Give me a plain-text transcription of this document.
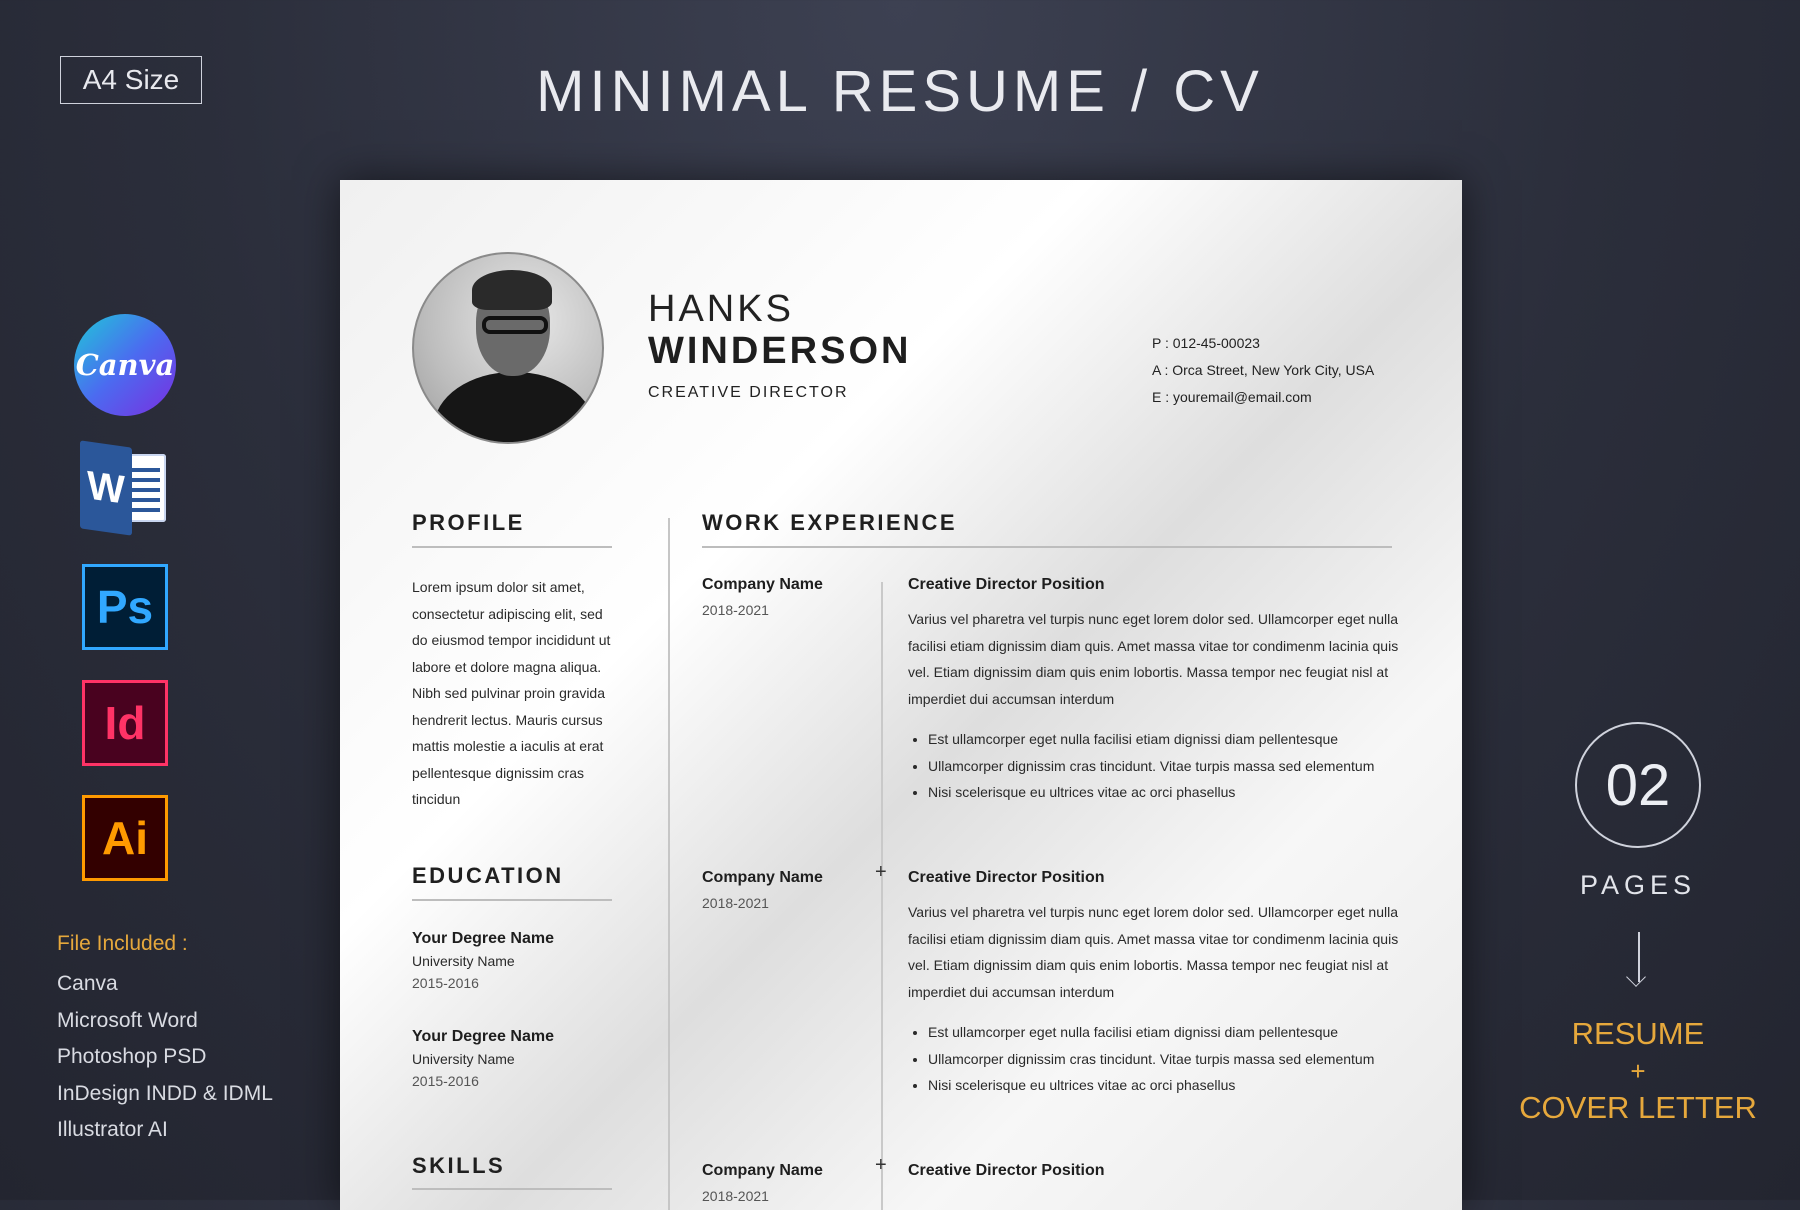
A4 Size	MINIMAL RESUME / CV
Canva
W
Ps
Id
Ai
File Included :
Canva
Microsoft Word
Photoshop PSD
InDesign INDD & IDML
Illustrator AI
02
PAGES
RESUME
+
COVER LETTER
HANKS
WINDERSON
CREATIVE DIRECTOR
P : 012-45-00023
A : Orca Street, New York City, USA
E : youremail@email.com
PROFILE
Lorem ipsum dolor sit amet, consectetur adipiscing elit, sed do eiusmod tempor incididunt ut labore et dolore magna aliqua. Nibh sed pulvinar proin gravida hendrerit lectus. Mauris cursus mattis molestie a iaculis at erat pellentesque dignissim cras tincidun
EDUCATION
Your Degree Name
University Name
2015-2016
Your Degree Name
University Name
2015-2016
SKILLS
WORK EXPERIENCE
Company Name
2018-2021
Creative Director Position
Varius vel pharetra vel turpis nunc eget lorem dolor sed. Ullamcorper eget nulla facilisi etiam dignissim diam quis. Amet massa vitae tor condimenm lacinia quis vel. Etiam dignissim diam quis enim lobortis. Massa tempor nec feugiat nisl at imperdiet dui accumsan interdum
• Est ullamcorper eget nulla facilisi etiam dignissi diam pellentesque
• Ullamcorper dignissim cras tincidunt. Vitae turpis massa sed elementum
• Nisi scelerisque eu ultrices vitae ac orci phasellus
Company Name
2018-2021
+ Creative Director Position
Varius vel pharetra vel turpis nunc eget lorem dolor sed. Ullamcorper eget nulla facilisi etiam dignissim diam quis. Amet massa vitae tor condimenm lacinia quis vel. Etiam dignissim diam quis enim lobortis. Massa tempor nec feugiat nisl at imperdiet dui accumsan interdum
• Est ullamcorper eget nulla facilisi etiam dignissi diam pellentesque
• Ullamcorper dignissim cras tincidunt. Vitae turpis massa sed elementum
• Nisi scelerisque eu ultrices vitae ac orci phasellus
Company Name
2018-2021
+ Creative Director Position
